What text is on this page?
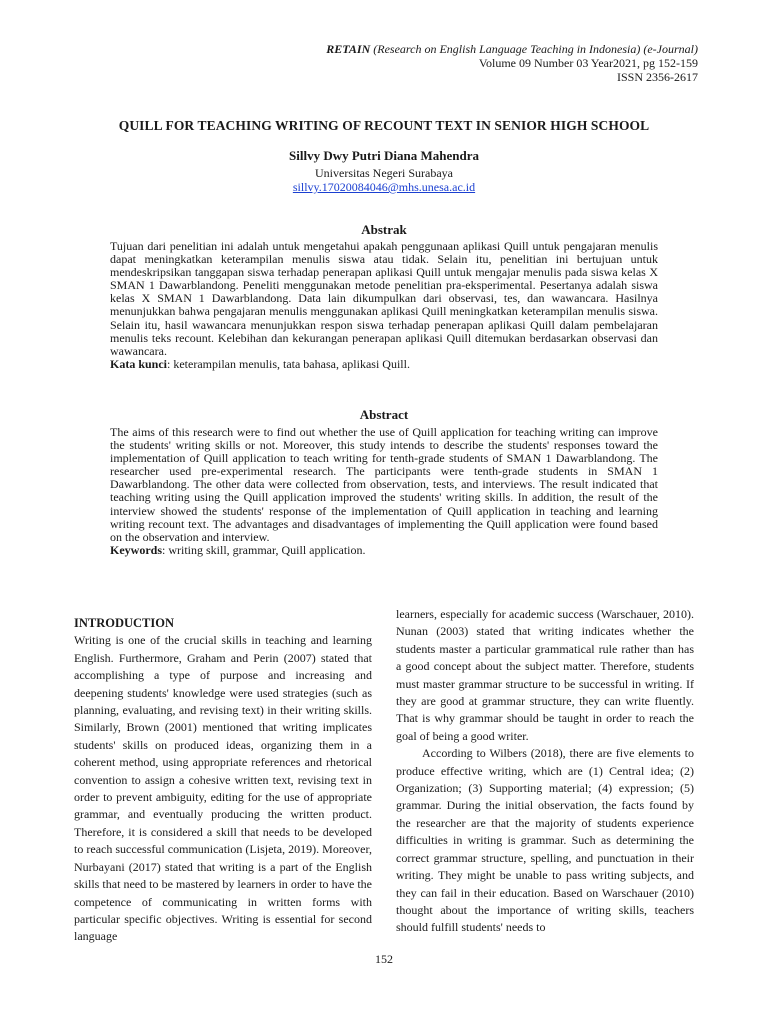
RETAIN (Research on English Language Teaching in Indonesia) (e-Journal)
Volume 09 Number 03 Year2021, pg 152-159
ISSN 2356-2617
QUILL FOR TEACHING WRITING OF RECOUNT TEXT IN SENIOR HIGH SCHOOL
Sillvy Dwy Putri Diana Mahendra
Universitas Negeri Surabaya
sillvy.17020084046@mhs.unesa.ac.id
Abstrak

Tujuan dari penelitian ini adalah untuk mengetahui apakah penggunaan aplikasi Quill untuk pengajaran menulis dapat meningkatkan keterampilan menulis siswa atau tidak. Selain itu, penelitian ini bertujuan untuk mendeskripsikan tanggapan siswa terhadap penerapan aplikasi Quill untuk mengajar menulis pada siswa kelas X SMAN 1 Dawarblandong. Peneliti menggunakan metode penelitian pra-eksperimental. Pesertanya adalah siswa kelas X SMAN 1 Dawarblandong. Data lain dikumpulkan dari observasi, tes, dan wawancara. Hasilnya menunjukkan bahwa pengajaran menulis menggunakan aplikasi Quill meningkatkan keterampilan menulis siswa. Selain itu, hasil wawancara menunjukkan respon siswa terhadap penerapan aplikasi Quill dalam pembelajaran menulis teks recount. Kelebihan dan kekurangan penerapan aplikasi Quill ditemukan berdasarkan observasi dan wawancara.

Kata kunci: keterampilan menulis, tata bahasa, aplikasi Quill.

Abstract

The aims of this research were to find out whether the use of Quill application for teaching writing can improve the students' writing skills or not. Moreover, this study intends to describe the students' responses toward the implementation of Quill application to teach writing for tenth-grade students of SMAN 1 Dawarblandong. The researcher used pre-experimental research. The participants were tenth-grade students in SMAN 1 Dawarblandong. The other data were collected from observation, tests, and interviews. The result indicated that teaching writing using the Quill application improved the students' writing skills. In addition, the result of the interview showed the students' response of the implementation of Quill application in teaching and learning writing recount text. The advantages and disadvantages of implementing the Quill application were found based on the observation and interview.

Keywords: writing skill, grammar, Quill application.

INTRODUCTION

Writing is one of the crucial skills in teaching and learning English. Furthermore, Graham and Perin (2007) stated that accomplishing a type of purpose and increasing and deepening students' knowledge were used strategies (such as planning, evaluating, and revising text) in their writing skills. Similarly, Brown (2001) mentioned that writing implicates students' skills on produced ideas, organizing them in a coherent method, using appropriate references and rhetorical convention to assign a cohesive written text, revising text in order to prevent ambiguity, editing for the use of appropriate grammar, and eventually producing the written product. Therefore, it is considered a skill that needs to be developed to reach successful communication (Lisjeta, 2019). Moreover, Nurbayani (2017) stated that writing is a part of the English skills that need to be mastered by learners in order to have the competence of communicating in written forms with particular specific objectives. Writing is essential for second language

learners, especially for academic success (Warschauer, 2010). Nunan (2003) stated that writing indicates whether the students master a particular grammatical rule rather than has a good concept about the subject matter. Therefore, students must master grammar structure to be successful in writing. If they are good at grammar structure, they can write fluently. That is why grammar should be taught in order to reach the goal of being a good writer.

According to Wilbers (2018), there are five elements to produce effective writing, which are (1) Central idea; (2) Organization; (3) Supporting material; (4) expression; (5) grammar. During the initial observation, the facts found by the researcher are that the majority of students experience difficulties in writing is grammar. Such as determining the correct grammar structure, spelling, and punctuation in their writing. They might be unable to pass writing subjects, and they can fail in their education. Based on Warschauer (2010) thought about the importance of writing skills, teachers should fulfill students' needs to

152
